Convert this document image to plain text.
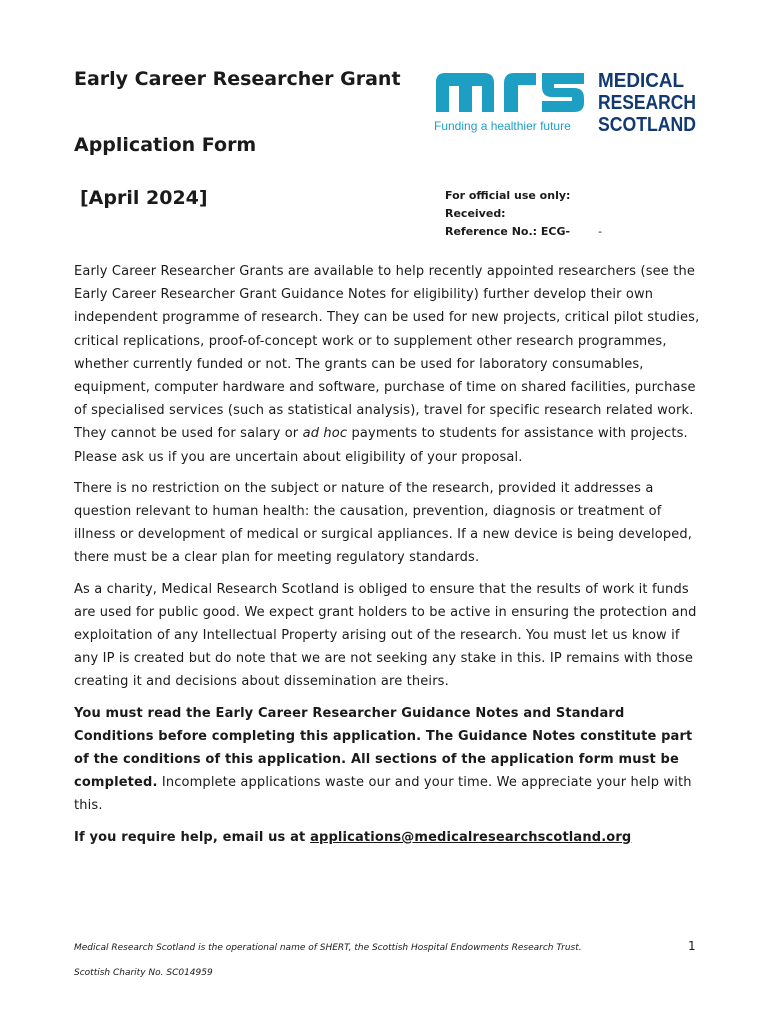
Early Career Researcher Grant
Application Form
[April 2024]
Funding a healthier future
MEDICAL
RESEARCH
SCOTLAND
For official use only:
Received:
Reference No.: ECG-	-

Early Career Researcher Grants are available to help recently appointed researchers (see the Early Career Researcher Grant Guidance Notes for eligibility) further develop their own independent programme of research. They can be used for new projects, critical pilot studies, critical replications, proof-of-concept work or to supplement other research programmes, whether currently funded or not. The grants can be used for laboratory consumables, equipment, computer hardware and software, purchase of time on shared facilities, purchase of specialised services (such as statistical analysis), travel for specific research related work. They cannot be used for salary or ad hoc payments to students for assistance with projects. Please ask us if you are uncertain about eligibility of your proposal.

There is no restriction on the subject or nature of the research, provided it addresses a question relevant to human health: the causation, prevention, diagnosis or treatment of illness or development of medical or surgical appliances. If a new device is being developed, there must be a clear plan for meeting regulatory standards.

As a charity, Medical Research Scotland is obliged to ensure that the results of work it funds are used for public good. We expect grant holders to be active in ensuring the protection and exploitation of any Intellectual Property arising out of the research. You must let us know if any IP is created but do note that we are not seeking any stake in this. IP remains with those creating it and decisions about dissemination are theirs.

You must read the Early Career Researcher Guidance Notes and Standard Conditions before completing this application. The Guidance Notes constitute part of the conditions of this application. All sections of the application form must be completed. Incomplete applications waste our and your time. We appreciate your help with this.

If you require help, email us at applications@medicalresearchscotland.org

Medical Research Scotland is the operational name of SHERT, the Scottish Hospital Endowments Research Trust.	1
Scottish Charity No. SC014959
